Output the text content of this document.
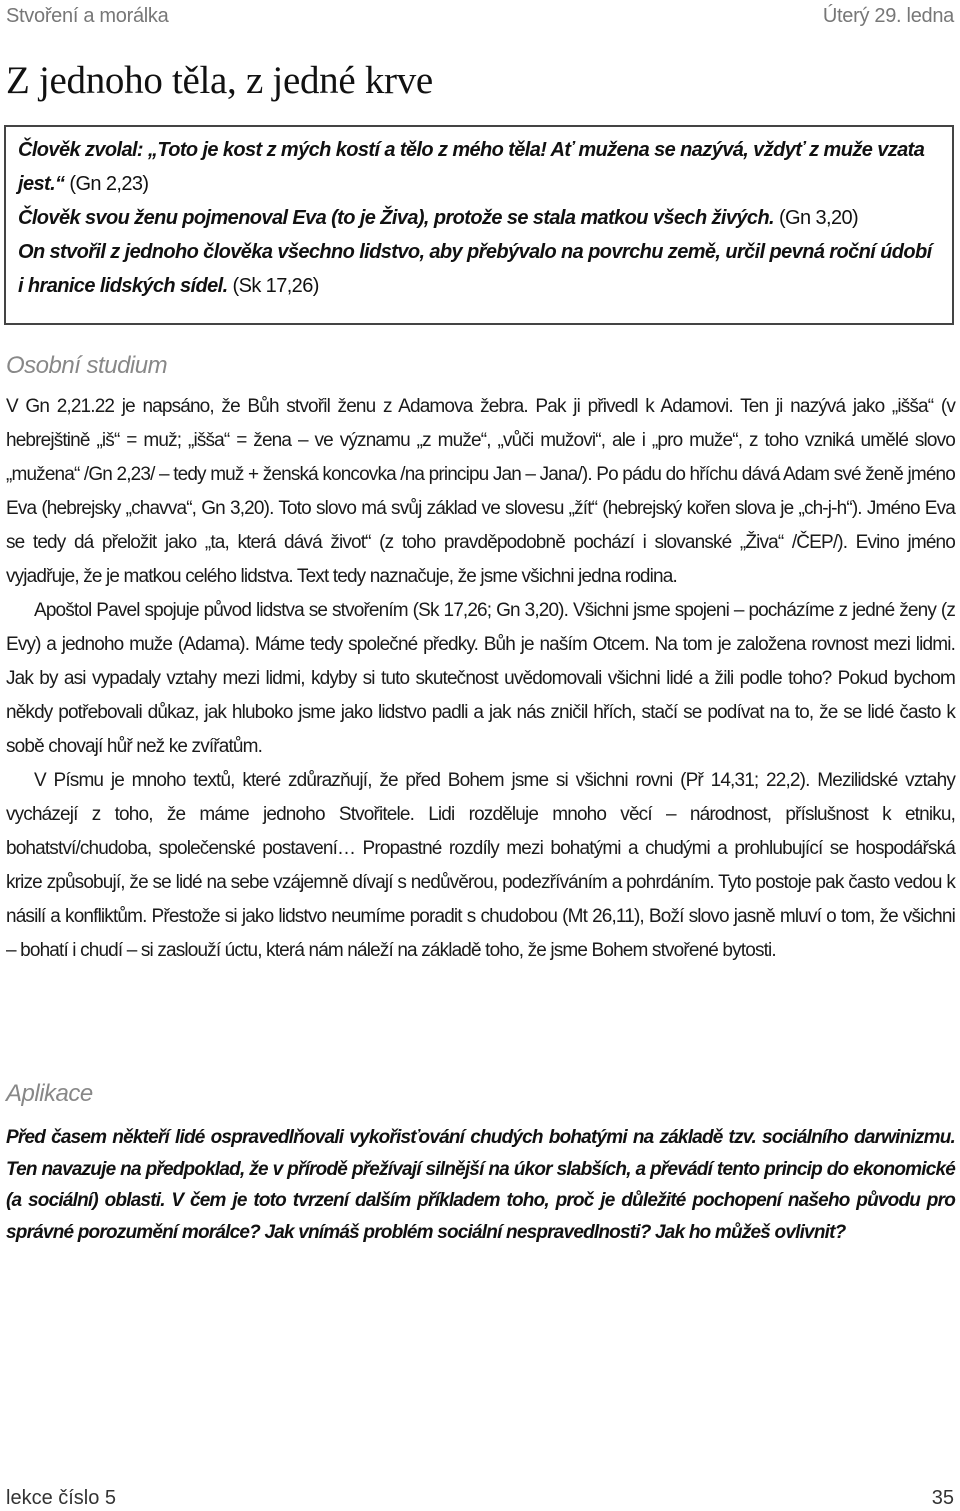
Stvoření a morálka	Úterý 29. ledna
Z jednoho těla, z jedné krve

Člověk zvolal: „Toto je kost z mých kostí a tělo z mého těla! Ať mužena se nazývá, vždyť z muže vzata jest.“ (Gn 2,23)

Člověk svou ženu pojmenoval Eva (to je Živa), protože se stala matkou všech živých. (Gn 3,20)

On stvořil z jednoho člověka všechno lidstvo, aby přebývalo na povrchu země, určil pevná roční údobí i hranice lidských sídel. (Sk 17,26)

Osobní studium

V Gn 2,21.22 je napsáno, že Bůh stvořil ženu z Adamova žebra. Pak ji přivedl k Adamovi. Ten ji nazývá jako „išša“ (v hebrejštině „iš“ = muž; „išša“ = žena – ve významu „z muže“, „vůči mužovi“, ale i „pro muže“, z toho vzniká umělé slovo „mužena“ /Gn 2,23/ – tedy muž + ženská koncovka /na principu Jan – Jana/). Po pádu do hříchu dává Adam své ženě jméno Eva (hebrejsky „chavva“, Gn 3,20). Toto slovo má svůj základ ve slovesu „žít“ (hebrejský kořen slova je „ch-j-h“). Jméno Eva se tedy dá přeložit jako „ta, která dává život“ (z toho pravděpodobně pochází i slovanské „Živa“ /ČEP/). Evino jméno vyjadřuje, že je matkou celého lidstva. Text tedy naznačuje, že jsme všichni jedna rodina.

Apoštol Pavel spojuje původ lidstva se stvořením (Sk 17,26; Gn 3,20). Všichni jsme spojeni – pocházíme z jedné ženy (z Evy) a jednoho muže (Adama). Máme tedy společné předky. Bůh je naším Otcem. Na tom je založena rovnost mezi lidmi. Jak by asi vypadaly vztahy mezi lidmi, kdyby si tuto skutečnost uvědomovali všichni lidé a žili podle toho? Pokud bychom někdy potřebovali důkaz, jak hluboko jsme jako lidstvo padli a jak nás zničil hřích, stačí se podívat na to, že se lidé často k sobě chovají hůř než ke zvířatům.

V Písmu je mnoho textů, které zdůrazňují, že před Bohem jsme si všichni rovni (Př 14,31; 22,2). Mezilidské vztahy vycházejí z toho, že máme jednoho Stvořitele. Lidi rozděluje mnoho věcí – národnost, příslušnost k etniku, bohatství/chudoba, společenské postavení… Propastné rozdíly mezi bohatými a chudými a prohlubující se hospodářská krize způsobují, že se lidé na sebe vzájemně dívají s nedůvěrou, podezříváním a pohrdáním. Tyto postoje pak často vedou k násilí a konfliktům. Přestože si jako lidstvo neumíme poradit s chudobou (Mt 26,11), Boží slovo jasně mluví o tom, že všichni – bohatí i chudí – si zaslouží úctu, která nám náleží na základě toho, že jsme Bohem stvořené bytosti.

Aplikace

Před časem někteří lidé ospravedlňovali vykořisťování chudých bohatými na základě tzv. sociálního darwinizmu. Ten navazuje na předpoklad, že v přírodě přežívají silnější na úkor slabších, a převádí tento princip do ekonomické (a sociální) oblasti. V čem je toto tvrzení dalším příkladem toho, proč je důležité pochopení našeho původu pro správné porozumění morálce? Jak vnímáš problém sociální nespravedlnosti? Jak ho můžeš ovlivnit?

lekce číslo 5	35
